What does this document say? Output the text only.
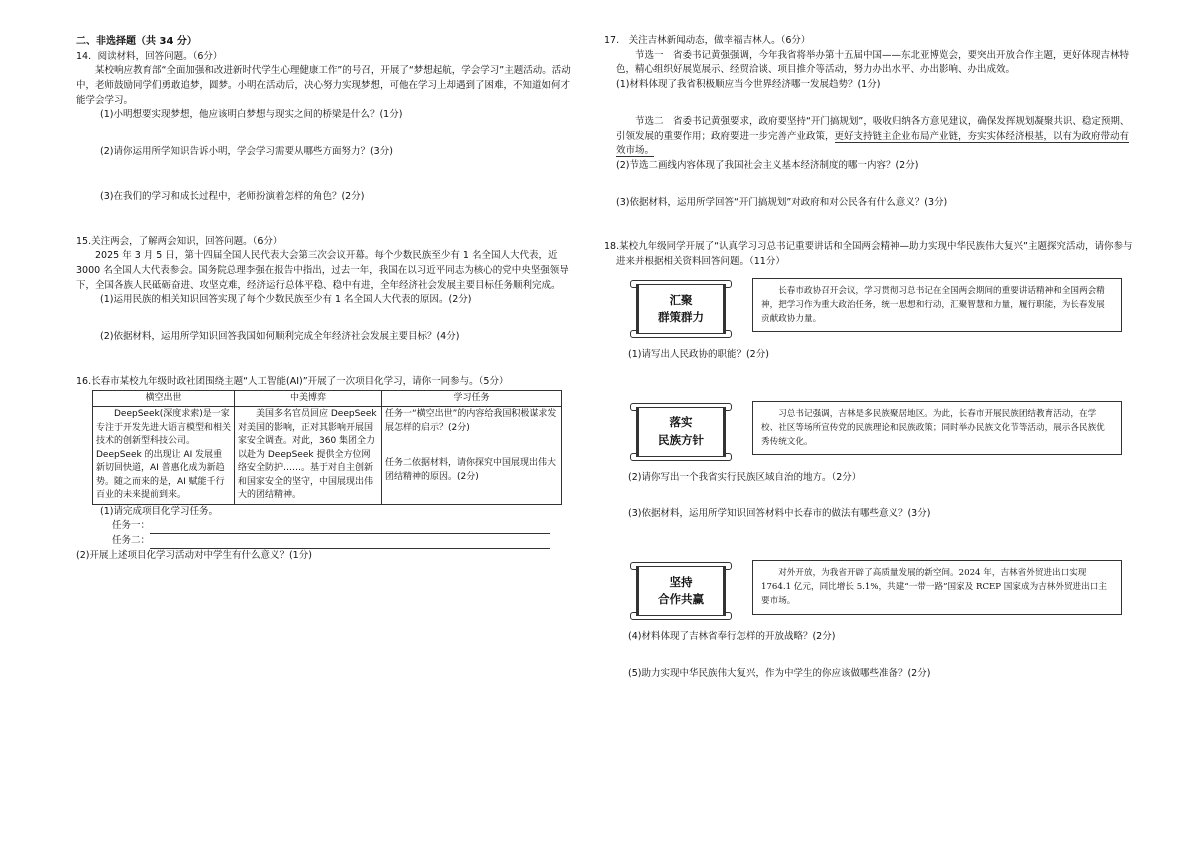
二、非选择题（共 34 分）

14．阅读材料，回答问题。（6分）

某校响应教育部“全面加强和改进新时代学生心理健康工作”的号召，开展了“梦想起航，学会学习”主题活动。活动中，老师鼓励同学们勇敢追梦，圆梦。小明在活动后，决心努力实现梦想，可他在学习上却遇到了困难，不知道如何才能学会学习。

(1)小明想要实现梦想，他应该明白梦想与现实之间的桥梁是什么？(1分)

(2)请你运用所学知识告诉小明，学会学习需要从哪些方面努力？(3分)

(3)在我们的学习和成长过程中，老师扮演着怎样的角色？(2分)

15.关注两会，了解两会知识，回答问题。（6分）

2025 年 3 月 5 日，第十四届全国人民代表大会第三次会议开幕。每个少数民族至少有 1 名全国人大代表，近 3000 名全国人大代表参会。国务院总理李强在报告中指出，过去一年，我国在以习近平同志为核心的党中央坚强领导下，全国各族人民砥砺奋进、攻坚克难，经济运行总体平稳、稳中有进，全年经济社会发展主要目标任务顺利完成。

(1)运用民族的相关知识回答实现了每个少数民族至少有 1 名全国人大代表的原因。(2分)

(2)依据材料，运用所学知识回答我国如何顺利完成全年经济社会发展主要目标？(4分)

16.长春市某校九年级时政社团围绕主题“人工智能(AI)”开展了一次项目化学习，请你一同参与。（5分）

横空出世	中美博弈	学习任务
DeepSeek(深度求索)是一家专注于开发先进大语言模型和相关技术的创新型科技公司。DeepSeek 的出现让 AI 发展重新切回快道，AI 普惠化成为新趋势。随之而来的是，AI 赋能千行百业的未来提前到来。	美国多名官员回应 DeepSeek 对美国的影响，正对其影响开展国家安全调查。对此，360 集团全力以赴为 DeepSeek 提供全方位网络安全防护……。基于对自主创新和国家安全的坚守，中国展现出伟大的团结精神。	任务一“横空出世”的内容给我国积极谋求发展怎样的启示？(2分)

任务二依据材料，请你探究中国展现出伟大团结精神的原因。(2分)

(1)请完成项目化学习任务。

任务一：

任务二：

(2)开展上述项目化学习活动对中学生有什么意义？(1分)

17.　关注吉林新闻动态，做幸福吉林人。（6分）

节选一　省委书记黄强强调，今年我省将举办第十五届中国——东北亚博览会，要突出开放合作主题，更好体现吉林特色，精心组织好展览展示、经贸洽谈、项目推介等活动，努力办出水平、办出影响、办出成效。

(1)材料体现了我省积极顺应当今世界经济哪一发展趋势？(1分)

节选二　省委书记黄强要求，政府要坚持“开门搞规划”，吸收归纳各方意见建议，确保发挥规划凝聚共识、稳定预期、引领发展的重要作用；政府要进一步完善产业政策，更好支持链主企业布局产业链，夯实实体经济根基，以有为政府带动有效市场。

(2)节选二画线内容体现了我国社会主义基本经济制度的哪一内容？(2分)

(3)依据材料，运用所学回答“开门搞规划”对政府和对公民各有什么意义？(3分)

18.某校九年级同学开展了“认真学习习总书记重要讲话和全国两会精神—助力实现中华民族伟大复兴”主题探究活动，请你参与进来并根据相关资料回答问题。（11分）

汇聚
群策群力
长春市政协召开会议，学习贯彻习总书记在全国两会期间的重要讲话精神和全国两会精神，把学习作为重大政治任务，统一思想和行动，汇聚智慧和力量，履行职能，为长春发展贡献政协力量。

(1)请写出人民政协的职能？(2分)

落实
民族方针
习总书记强调，吉林是多民族聚居地区。为此，长春市开展民族团结教育活动，在学校、社区等场所宣传党的民族理论和民族政策；同时举办民族文化节等活动，展示各民族优秀传统文化。

(2)请你写出一个我省实行民族区域自治的地方。（2分）

(3)依据材料，运用所学知识回答材料中长春市的做法有哪些意义？(3分)

坚持
合作共赢
对外开放，为我省开辟了高质量发展的新空间。2024 年，吉林省外贸进出口实现 1764.1 亿元，同比增长 5.1%，共建“一带一路”国家及 RCEP 国家成为吉林外贸进出口主要市场。

(4)材料体现了吉林省奉行怎样的开放战略？(2分)

(5)助力实现中华民族伟大复兴，作为中学生的你应该做哪些准备？(2分)
